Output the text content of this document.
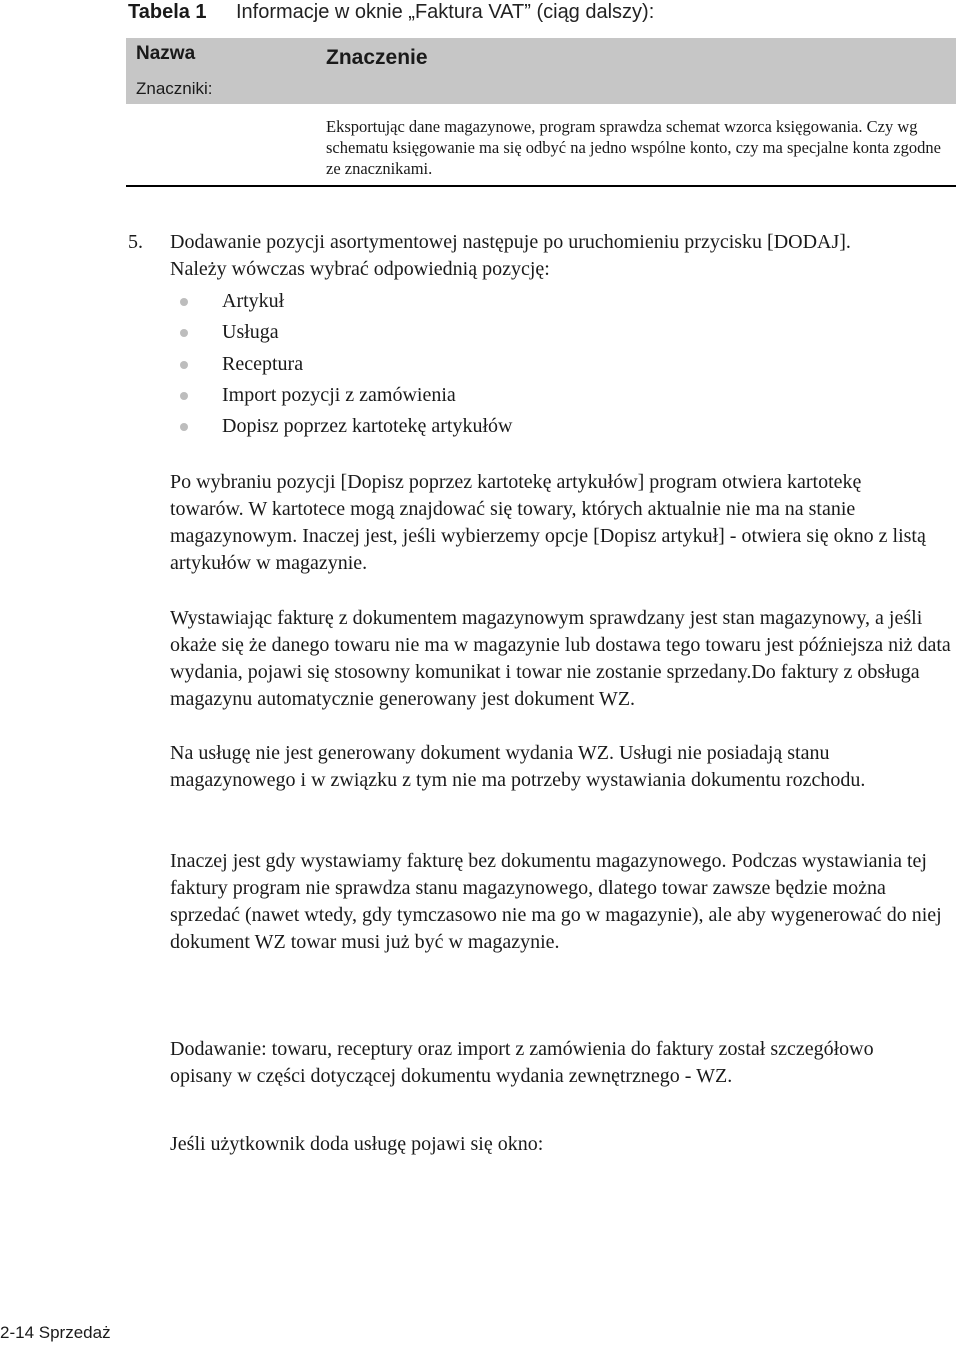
Tabela 1 Informacje w oknie „Faktura VAT” (ciąg dalszy):
Nazwa	Znaczenie
Znaczniki:
Eksportując dane magazynowe, program sprawdza schemat wzorca księgowania. Czy wg schematu księgowanie ma się odbyć na jedno wspólne konto, czy ma specjalne konta zgodne ze znacznikami.
5. Dodawanie pozycji asortymentowej następuje po uruchomieniu przycisku [DODAJ]. Należy wówczas wybrać odpowiednią pozycję:
Artykuł
Usługa
Receptura
Import pozycji z zamówienia
Dopisz poprzez kartotekę artykułów
Po wybraniu pozycji [Dopisz poprzez kartotekę artykułów] program otwiera kartotekę towarów. W kartotece mogą znajdować się towary, których aktualnie nie ma na stanie magazynowym. Inaczej jest, jeśli wybierzemy opcje [Dopisz artykuł] - otwiera się okno z listą artykułów w magazynie.
Wystawiając fakturę z dokumentem magazynowym sprawdzany jest stan magazynowy, a jeśli okaże się że danego towaru nie ma w magazynie lub dostawa tego towaru jest późniejsza niż data wydania, pojawi się stosowny komunikat i towar nie zostanie sprzedany.Do faktury z obsługa magazynu automatycznie generowany jest dokument WZ.
Na usługę nie jest generowany dokument wydania WZ. Usługi nie posiadają stanu magazynowego i w związku z tym nie ma potrzeby wystawiania dokumentu rozchodu.
Inaczej jest gdy wystawiamy fakturę bez dokumentu magazynowego. Podczas wystawiania tej faktury program nie sprawdza stanu magazynowego, dlatego towar zawsze będzie można sprzedać (nawet wtedy, gdy tymczasowo nie ma go w magazynie), ale aby wygenerować do niej dokument WZ towar musi już być w magazynie.
Dodawanie: towaru, receptury oraz import z zamówienia do faktury został szczegółowo opisany w części dotyczącej dokumentu wydania zewnętrznego - WZ.
Jeśli użytkownik doda usługę pojawi się okno:
2-14 Sprzedaż
